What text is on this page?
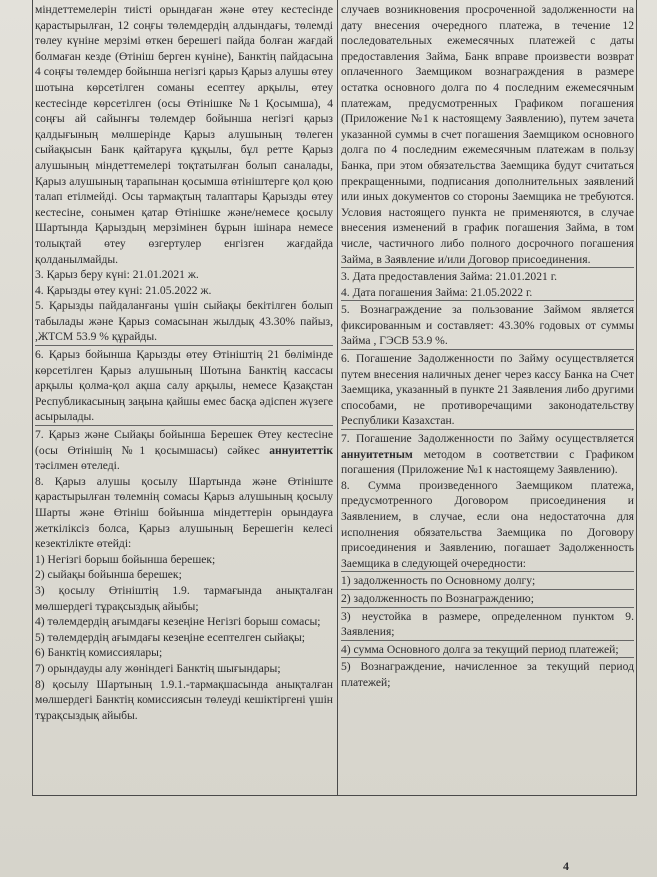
міндеттемелерін тиісті орындаған және өтеу кестесінде қарастырылған, 12 соңғы төлемдердің алдындағы, төлемді төлеу күніне мерзімі өткен берешегі пайда болған жағдай болмаған кезде (Өтініш берген күніне), Банктің пайдасына 4 соңғы төлемдер бойынша негізгі қарыз Қарыз алушы өтеу шотына көрсетілген соманы есептеу арқылы, өтеу кестесінде көрсетілген (осы Өтінішке №1 Қосымша), 4 соңғы ай сайынғы төлемдер бойынша негізгі қарыз қалдығының мөлшерінде Қарыз алушының төлеген сыйақысын Банк қайтаруға құқылы, бұл ретте Қарыз алушының міндеттемелері тоқтатылған болып саналады, Қарыз алушының тарапынан қосымша өтініштерге қол қою талап етілмейді. Осы тармақтың талаптары Қарызды өтеу кестесіне, сонымен қатар Өтінішке және/немесе қосылу Шартында Қарыздың мерзімінен бұрын ішінара немесе толықтай өтеу өзгертулер енгізген жағдайда қолданылмайды.

3. Қарыз беру күні: 21.01.2021 ж.

4. Қарызды өтеу күні: 21.05.2022 ж.

5. Қарызды пайдаланғаны үшін сыйақы бекітілген болып табылады және Қарыз сомасынан жылдық 43.30% пайыз, ,ЖТСМ 53.9 % құрайды.

6. Қарыз бойынша Қарызды өтеу Өтініштің 21 бөлімінде көрсетілген Қарыз алушының Шотына Банктің кассасы арқылы қолма-қол ақша салу арқылы, немесе Қазақстан Республикасының заңына қайшы емес басқа әдіспен жүзеге асырылады.

7. Қарыз және Сыйақы бойынша Берешек Өтеу кестесіне (осы Өтінішің №1 қосымшасы) сәйкес аннуитеттік тәсілмен өтеледі.

8. Қарыз алушы қосылу Шартында және Өтініште қарастырылған төлемнің сомасы Қарыз алушының қосылу Шарты және Өтініш бойынша міндеттерін орындауға жеткіліксіз болса, Қарыз алушының Берешегін келесі кезектілікте өтейді:

1) Негізгі борыш бойынша берешек;

2) сыйақы бойынша берешек;

3) қосылу Өтініштің 1.9. тармағында анықталған мөлшердегі тұрақсыздық айыбы;

4) төлемдердің ағымдағы кезеңіне Негізгі борыш сомасы;

5) төлемдердің ағымдағы кезеңіне есептелген сыйақы;

6) Банктің комиссиялары;

7) орындауды алу жөніндегі Банктің шығындары;

8) қосылу Шартының 1.9.1.-тармақшасында анықталған мөлшердегі Банктің комиссиясын төлеуді кешіктіргені үшін тұрақсыздық айыбы.

случаев возникновения просроченной задолженности на дату внесения очередного платежа, в течение 12 последовательных ежемесячных платежей с даты предоставления Займа, Банк вправе произвести возврат оплаченного Заемщиком вознаграждения в размере остатка основного долга по 4 последним ежемесячным платежам, предусмотренных Графиком погашения (Приложение №1 к настоящему Заявлению), путем зачета указанной суммы в счет погашения Заемщиком основного долга по 4 последним ежемесячным платежам в пользу Банка, при этом обязательства Заемщика будут считаться прекращенными, подписания дополнительных заявлений или иных документов со стороны Заемщика не требуются. Условия настоящего пункта не применяются, в случае внесения изменений в график погашения Займа, в том числе, частичного либо полного досрочного погашения Займа, в Заявление и/или Договор присоединения.

3. Дата предоставления Займа: 21.01.2021 г.

4. Дата погашения Займа: 21.05.2022 г.

5. Вознаграждение за пользование Займом является фиксированным и составляет: 43.30% годовых от суммы Займа , ГЭСВ 53.9 %.

6. Погашение Задолженности по Займу осуществляется путем внесения наличных денег через кассу Банка на Счет Заемщика, указанный в пункте 21 Заявления либо другими способами, не противоречащими законодательству Республики Казахстан.

7. Погашение Задолженности по Займу осуществляется аннуитетным методом в соответствии с Графиком погашения (Приложение №1 к настоящему Заявлению).

8. Сумма произведенного Заемщиком платежа, предусмотренного Договором присоединения и Заявлением, в случае, если она недостаточна для исполнения обязательства Заемщика по Договору присоединения и Заявлению, погашает Задолженность Заемщика в следующей очередности:

1) задолженность по Основному долгу;

2) задолженность по Вознаграждению;

3) неустойка в размере, определенном пунктом 9. Заявления;

4) сумма Основного долга за текущий период платежей;

5) Вознаграждение, начисленное за текущий период платежей;

4
